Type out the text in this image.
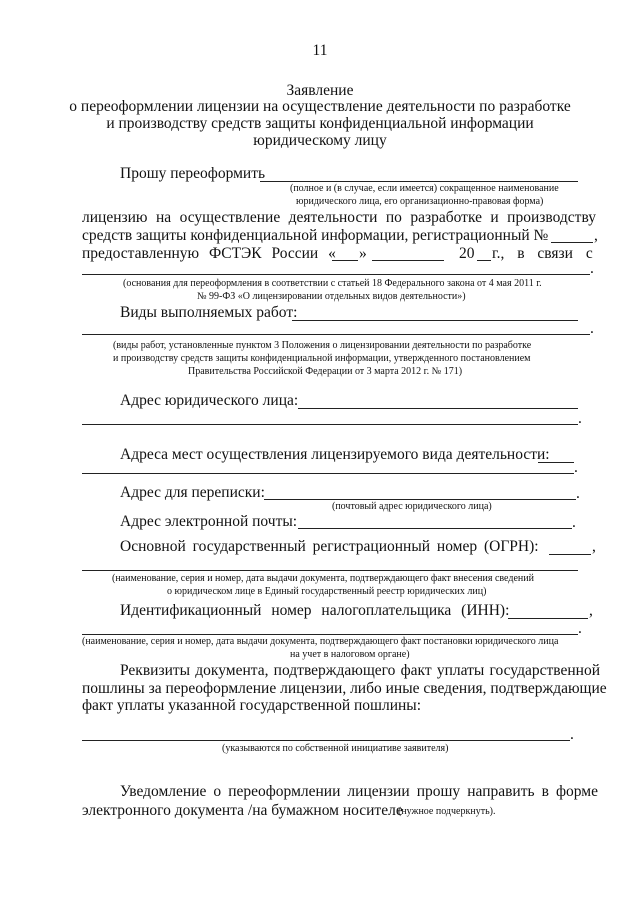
11
Заявление
о переоформлении лицензии на осуществление деятельности по разработке
и производству средств защиты конфиденциальной информации
юридическому лицу
Прошу переоформить
(полное и (в случае, если имеется) сокращенное наименование
юридического лица, его организационно-правовая форма)
лицензию на осуществление деятельности по разработке и производству
средств защиты конфиденциальной информации, регистрационный №	,
предоставленную ФСТЭК России « »	20 г., в связи с
.
(основания для переоформления в соответствии с статьей 18 Федерального закона от 4 мая 2011 г.
№ 99-ФЗ «О лицензировании отдельных видов деятельности»)
Виды выполняемых работ:
.
(виды работ, установленные пунктом 3 Положения о лицензировании деятельности по разработке
и производству средств защиты конфиденциальной информации, утвержденного постановлением
Правительства Российской Федерации от 3 марта 2012 г. № 171)
Адрес юридического лица:
.
Адреса мест осуществления лицензируемого вида деятельности:
.
Адрес для переписки:	.
(почтовый адрес юридического лица)
Адрес электронной почты:	.
Основной государственный регистрационный номер (ОГРН):	,
(наименование, серия и номер, дата выдачи документа, подтверждающего факт внесения сведений
о юридическом лице в Единый государственный реестр юридических лиц)
Идентификационный номер налогоплательщика (ИНН):	,
.
(наименование, серия и номер, дата выдачи документа, подтверждающего факт постановки юридического лица
на учет в налоговом органе)
Реквизиты документа, подтверждающего факт уплаты государственной
пошлины за переоформление лицензии, либо иные сведения, подтверждающие
факт уплаты указанной государственной пошлины:
.
(указываются по собственной инициативе заявителя)
Уведомление о переоформлении лицензии прошу направить в форме
электронного документа /на бумажном носителе
(нужное подчеркнуть).
